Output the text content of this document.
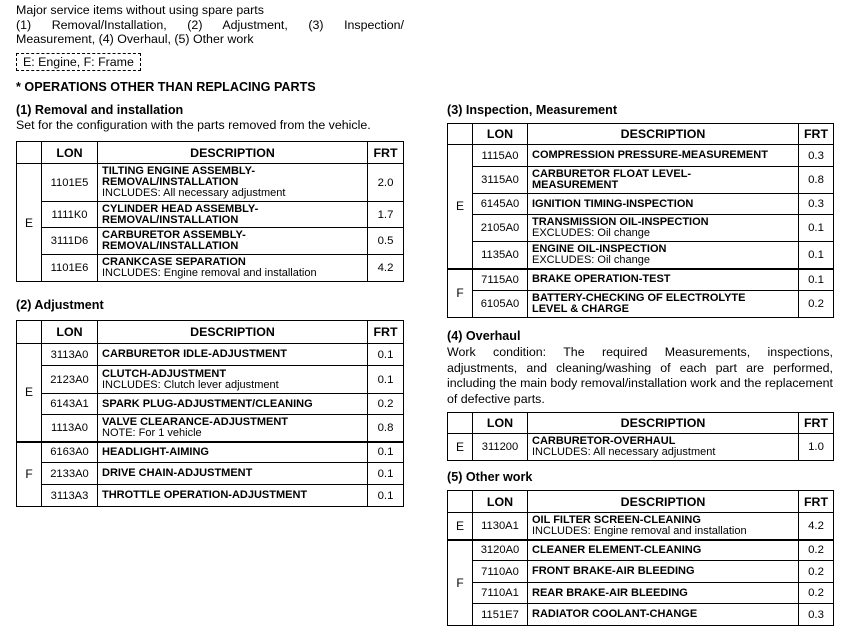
Major service items without using spare parts
(1) Removal/Installation, (2) Adjustment, (3) Inspection/
Measurement, (4) Overhaul, (5) Other work
E: Engine, F: Frame
* OPERATIONS OTHER THAN REPLACING PARTS
(1) Removal and installation
Set for the configuration with the parts removed from the vehicle.
	LON	DESCRIPTION	FRT
E	1101E5	TILTING ENGINE ASSEMBLY-
REMOVAL/INSTALLATION
INCLUDES: All necessary adjustment	2.0
	1111K0	CYLINDER HEAD ASSEMBLY-
REMOVAL/INSTALLATION	1.7
	3111D6	CARBURETOR ASSEMBLY-
REMOVAL/INSTALLATION	0.5
	1101E6	CRANKCASE SEPARATION
INCLUDES: Engine removal and installation	4.2
(2) Adjustment
	LON	DESCRIPTION	FRT
E	3113A0	CARBURETOR IDLE-ADJUSTMENT	0.1
	2123A0	CLUTCH-ADJUSTMENT
INCLUDES: Clutch lever adjustment	0.1
	6143A1	SPARK PLUG-ADJUSTMENT/CLEANING	0.2
	1113A0	VALVE CLEARANCE-ADJUSTMENT
NOTE: For 1 vehicle	0.8
F	6163A0	HEADLIGHT-AIMING	0.1
	2133A0	DRIVE CHAIN-ADJUSTMENT	0.1
	3113A3	THROTTLE OPERATION-ADJUSTMENT	0.1
(3) Inspection, Measurement
	LON	DESCRIPTION	FRT
E	1115A0	COMPRESSION PRESSURE-MEASUREMENT	0.3
	3115A0	CARBURETOR FLOAT LEVEL-
MEASUREMENT	0.8
	6145A0	IGNITION TIMING-INSPECTION	0.3
	2105A0	TRANSMISSION OIL-INSPECTION
EXCLUDES: Oil change	0.1
	1135A0	ENGINE OIL-INSPECTION
EXCLUDES: Oil change	0.1
F	7115A0	BRAKE OPERATION-TEST	0.1
	6105A0	BATTERY-CHECKING OF ELECTROLYTE
LEVEL & CHARGE	0.2
(4) Overhaul
Work condition: The required Measurements, inspections, adjustments, and cleaning/washing of each part are performed, including the main body removal/installation work and the replacement of defective parts.
	LON	DESCRIPTION	FRT
E	311200	CARBURETOR-OVERHAUL
INCLUDES: All necessary adjustment	1.0
(5) Other work
	LON	DESCRIPTION	FRT
E	1130A1	OIL FILTER SCREEN-CLEANING
INCLUDES: Engine removal and installation	4.2
F	3120A0	CLEANER ELEMENT-CLEANING	0.2
	7110A0	FRONT BRAKE-AIR BLEEDING	0.2
	7110A1	REAR BRAKE-AIR BLEEDING	0.2
	1151E7	RADIATOR COOLANT-CHANGE	0.3
